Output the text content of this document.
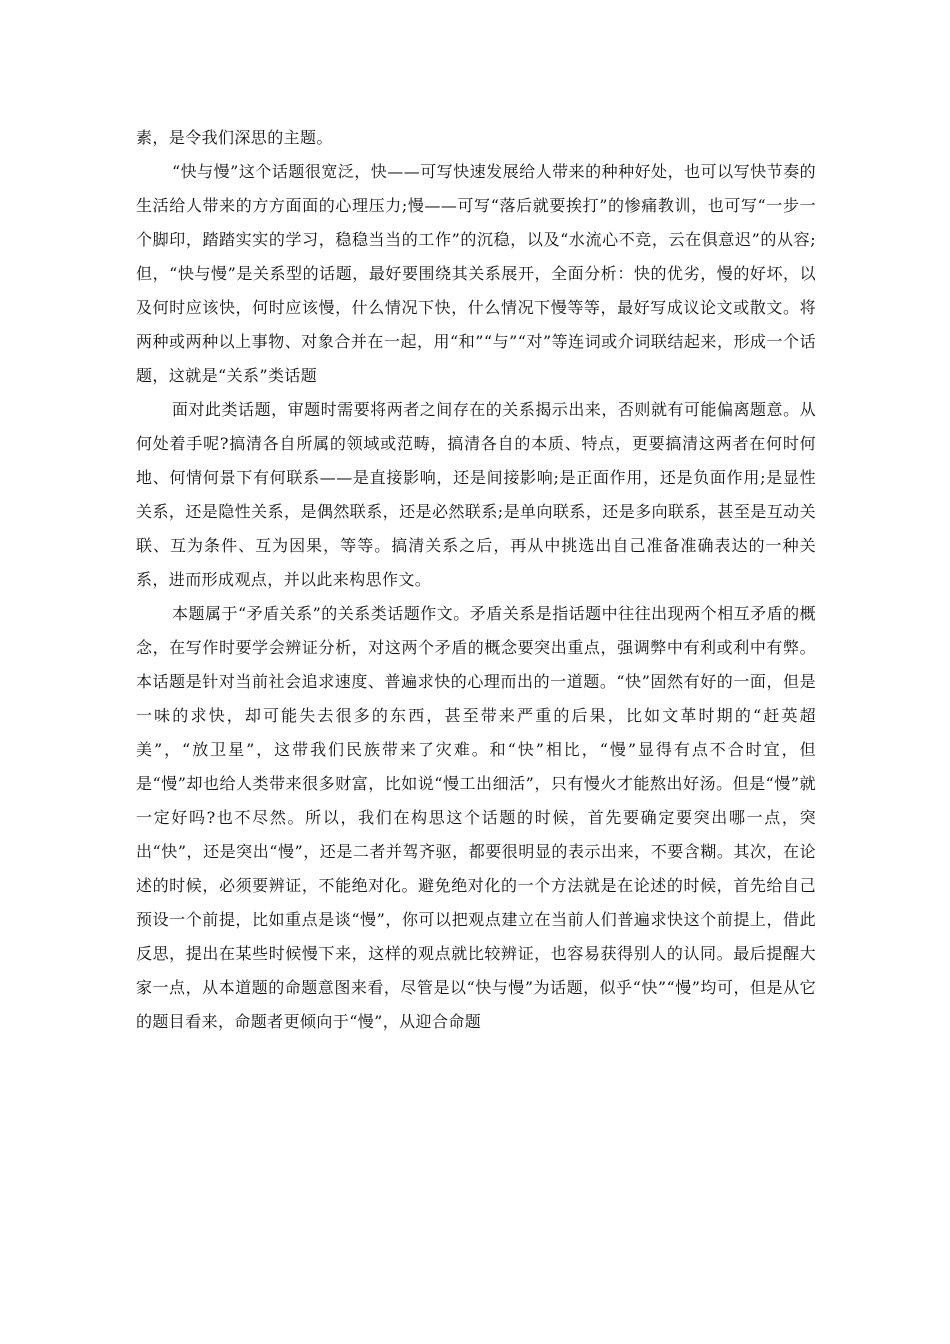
素，是令我们深思的主题。

“快与慢”这个话题很宽泛，快——可写快速发展给人带来的种种好处，也可以写快节奏的生活给人带来的方方面面的心理压力;慢——可写“落后就要挨打”的惨痛教训，也可写“一步一个脚印，踏踏实实的学习，稳稳当当的工作”的沉稳，以及“水流心不竞，云在俱意迟”的从容;但，“快与慢”是关系型的话题，最好要围绕其关系展开，全面分析：快的优劣，慢的好坏，以及何时应该快，何时应该慢，什么情况下快，什么情况下慢等等，最好写成议论文或散文。将两种或两种以上事物、对象合并在一起，用“和”“与”“对”等连词或介词联结起来，形成一个话题，这就是“关系”类话题

面对此类话题，审题时需要将两者之间存在的关系揭示出来，否则就有可能偏离题意。从何处着手呢?搞清各自所属的领域或范畴，搞清各自的本质、特点，更要搞清这两者在何时何地、何情何景下有何联系——是直接影响，还是间接影响;是正面作用，还是负面作用;是显性关系，还是隐性关系，是偶然联系，还是必然联系;是单向联系，还是多向联系，甚至是互动关联、互为条件、互为因果，等等。搞清关系之后，再从中挑选出自己准备准确表达的一种关系，进而形成观点，并以此来构思作文。

本题属于“矛盾关系”的关系类话题作文。矛盾关系是指话题中往往出现两个相互矛盾的概念，在写作时要学会辨证分析，对这两个矛盾的概念要突出重点，强调弊中有利或利中有弊。本话题是针对当前社会追求速度、普遍求快的心理而出的一道题。“快”固然有好的一面，但是一味的求快，却可能失去很多的东西，甚至带来严重的后果，比如文革时期的“赶英超美”，“放卫星”，这带我们民族带来了灾难。和“快”相比，“慢”显得有点不合时宜，但是“慢”却也给人类带来很多财富，比如说“慢工出细活”，只有慢火才能熬出好汤。但是“慢”就一定好吗?也不尽然。所以，我们在构思这个话题的时候，首先要确定要突出哪一点，突出“快”，还是突出“慢”，还是二者并驾齐驱，都要很明显的表示出来，不要含糊。其次，在论述的时候，必须要辨证，不能绝对化。避免绝对化的一个方法就是在论述的时候，首先给自己预设一个前提，比如重点是谈“慢”，你可以把观点建立在当前人们普遍求快这个前提上，借此反思，提出在某些时候慢下来，这样的观点就比较辨证，也容易获得别人的认同。最后提醒大家一点，从本道题的命题意图来看，尽管是以“快与慢”为话题，似乎“快”“慢”均可，但是从它的题目看来，命题者更倾向于“慢”，从迎合命题
